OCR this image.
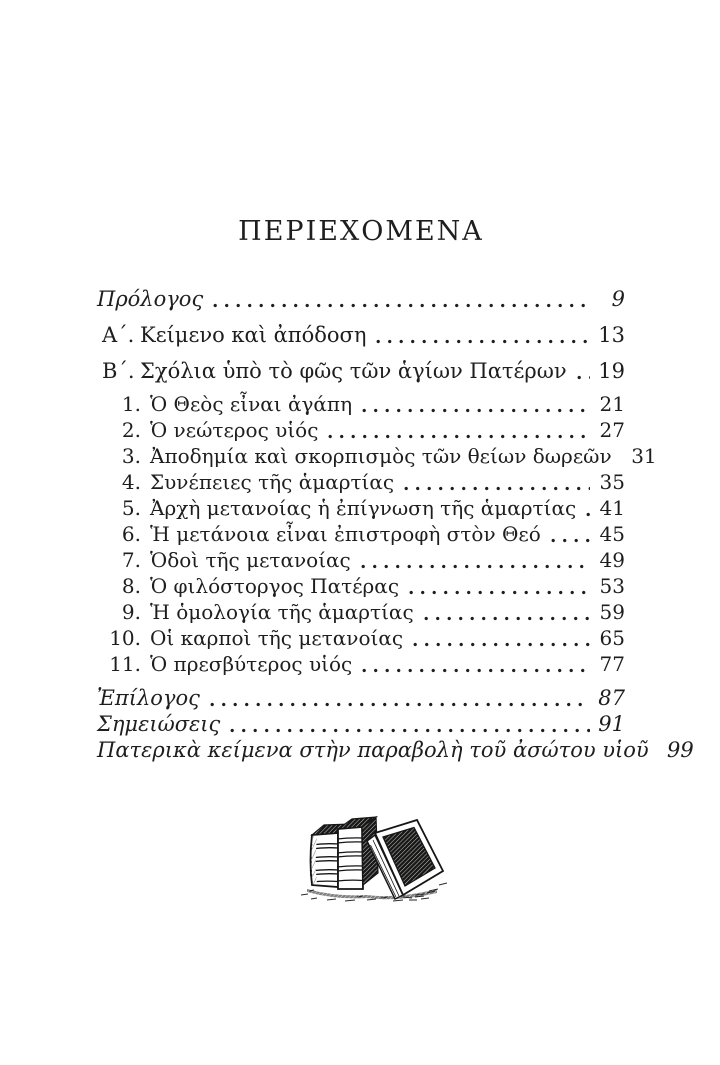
ΠΕΡΙΕΧΟΜΕΝΑ
Πρόλογος	9
Α´. Κείμενο καὶ ἀπόδοση	13
Β´. Σχόλια ὑπὸ τὸ φῶς τῶν ἁγίων Πατέρων 19
1. Ὁ Θεὸς εἶναι ἀγάπη	21
2. Ὁ νεώτερος υἱός	27
3. Ἀποδημία καὶ σκορπισμὸς τῶν θείων δωρεῶν 31
4. Συνέπειες τῆς ἁμαρτίας	35
5. Ἀρχὴ μετανοίας ἡ ἐπίγνωση τῆς ἁμαρτίας 41
6. Ἡ μετάνοια εἶναι ἐπιστροφὴ στὸν Θεό	45
7. Ὁδοὶ τῆς μετανοίας	49
8. Ὁ φιλόστοργος Πατέρας	53
9. Ἡ ὁμολογία τῆς ἁμαρτίας	59
10. Οἱ καρποὶ τῆς μετανοίας	65
11. Ὁ πρεσβύτερος υἱός	77
Ἐπίλογος	87
Σημειώσεις	91
Πατερικὰ κείμενα στὴν παραβολὴ τοῦ ἀσώτου υἱοῦ 99
